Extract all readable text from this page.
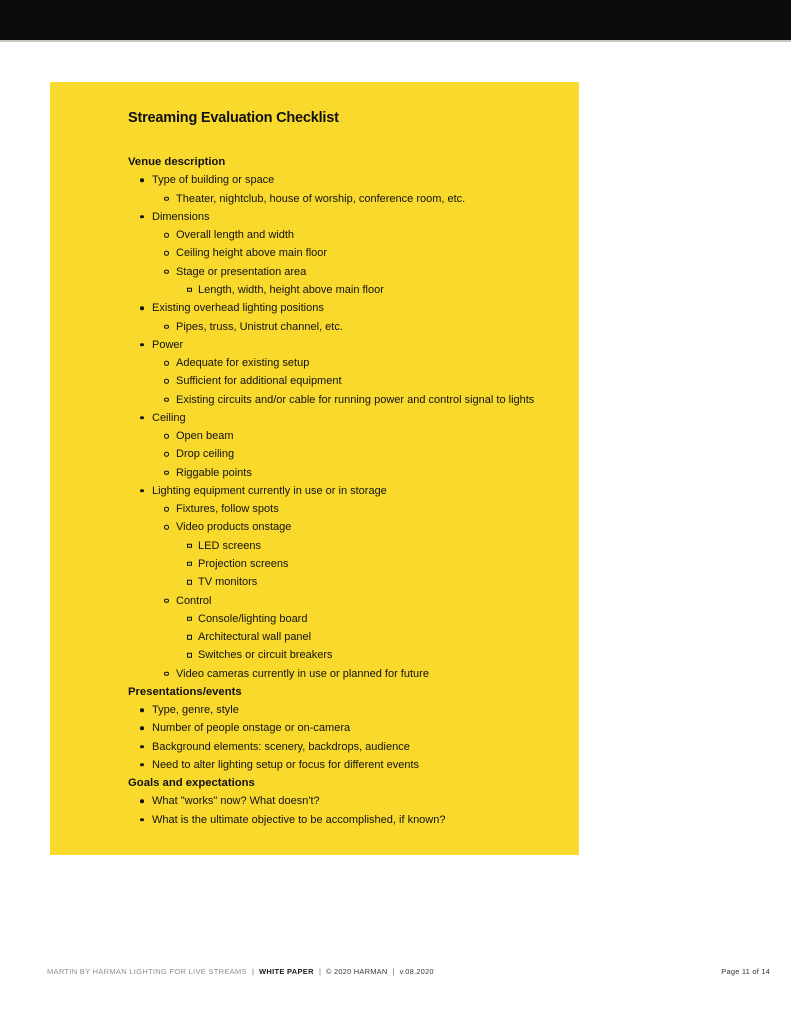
Streaming Evaluation Checklist
Venue description
Type of building or space
Theater, nightclub, house of worship, conference room, etc.
Dimensions
Overall length and width
Ceiling height above main floor
Stage or presentation area
Length, width, height above main floor
Existing overhead lighting positions
Pipes, truss, Unistrut channel, etc.
Power
Adequate for existing setup
Sufficient for additional equipment
Existing circuits and/or cable for running power and control signal to lights
Ceiling
Open beam
Drop ceiling
Riggable points
Lighting equipment currently in use or in storage
Fixtures, follow spots
Video products onstage
LED screens
Projection screens
TV monitors
Control
Console/lighting board
Architectural wall panel
Switches or circuit breakers
Video cameras currently in use or planned for future
Presentations/events
Type, genre, style
Number of people onstage or on-camera
Background elements: scenery, backdrops, audience
Need to alter lighting setup or focus for different events
Goals and expectations
What "works" now? What doesn't?
What is the ultimate objective to be accomplished, if known?
MARTIN BY HARMAN LIGHTING FOR LIVE STREAMS | WHITE PAPER | © 2020 HARMAN | v.08.2020	Page 11 of 14
